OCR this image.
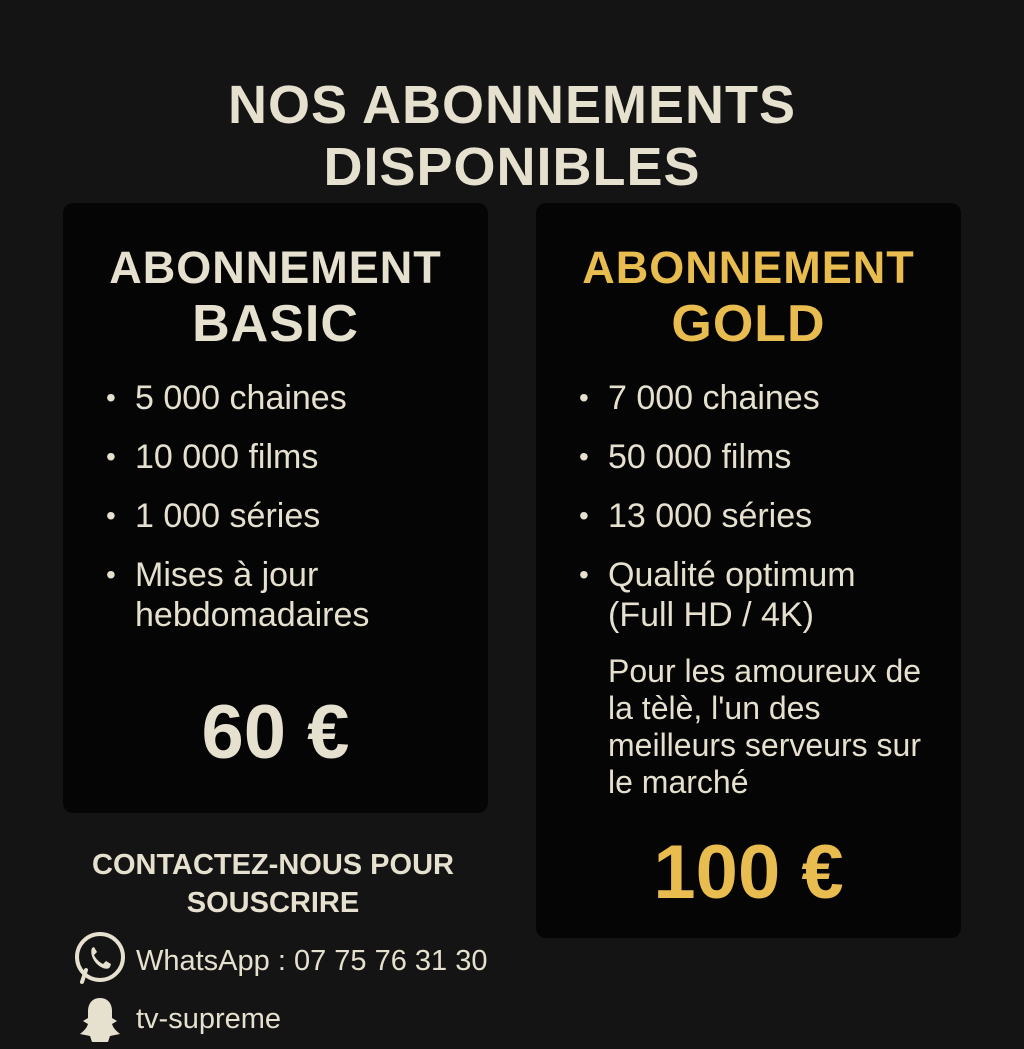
NOS ABONNEMENTS
DISPONIBLES
ABONNEMENT
BASIC
• 5 000 chaines
• 10 000 films
• 1 000 séries
• Mises à jour hebdomadaires
60 €
ABONNEMENT
GOLD
• 7 000 chaines
• 50 000 films
• 13 000 séries
• Qualité optimum (Full HD / 4K)
Pour les amoureux de la tèlè, l'un des meilleurs serveurs sur le marché
100 €
CONTACTEZ-NOUS POUR
SOUSCRIRE
WhatsApp : 07 75 76 31 30
tv-supreme
